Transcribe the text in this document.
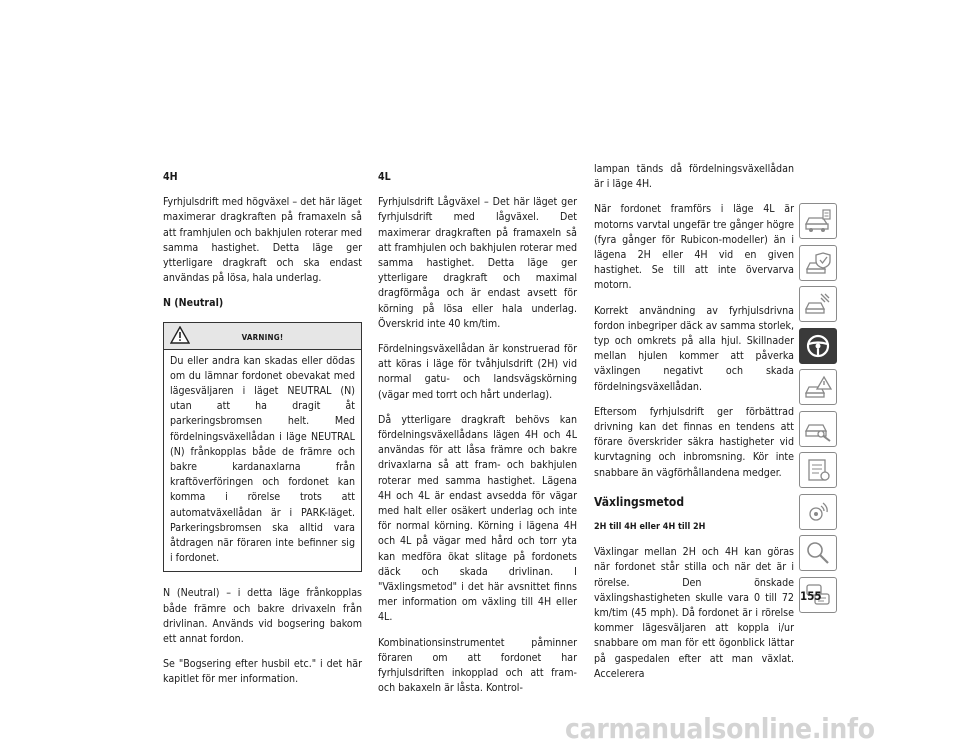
4H

Fyrhjulsdrift med högväxel – det här läget maximerar dragkraften på framaxeln så att framhjulen och bakhjulen roterar med samma hastighet. Detta läge ger ytterligare dragkraft och ska endast användas på lösa, hala underlag.

N (Neutral)
VARNING!
Du eller andra kan skadas eller dödas om du lämnar fordonet obevakat med lägesväljaren i läget NEUTRAL (N) utan att ha dragit åt parkeringsbromsen helt. Med fördelningsväxellådan i läge NEUTRAL (N) frånkopplas både de främre och bakre kardanaxlarna från kraftöverföringen och fordonet kan komma i rörelse trots att automatväxellådan är i PARK-läget. Parkeringsbromsen ska alltid vara åtdragen när föraren inte befinner sig i fordonet.

N (Neutral) – i detta läge frånkopplas både främre och bakre drivaxeln från drivlinan. Används vid bogsering bakom ett annat fordon.

Se "Bogsering efter husbil etc." i det här kapitlet för mer information.

4L

Fyrhjulsdrift Lågväxel – Det här läget ger fyrhjulsdrift med lågväxel. Det maximerar dragkraften på framaxeln så att framhjulen och bakhjulen roterar med samma hastighet. Detta läge ger ytterligare dragkraft och maximal dragförmåga och är endast avsett för körning på lösa eller hala underlag. Överskrid inte 40 km/tim.

Fördelningsväxellådan är konstruerad för att köras i läge för tvåhjulsdrift (2H) vid normal gatu- och landsvägskörning (vägar med torrt och hårt underlag).

Då ytterligare dragkraft behövs kan fördelningsväxellådans lägen 4H och 4L användas för att låsa främre och bakre drivaxlarna så att fram- och bakhjulen roterar med samma hastighet. Lägena 4H och 4L är endast avsedda för vägar med halt eller osäkert underlag och inte för normal körning. Körning i lägena 4H och 4L på vägar med hård och torr yta kan medföra ökat slitage på fordonets däck och skada drivlinan. I "Växlingsmetod" i det här avsnittet finns mer information om växling till 4H eller 4L.

Kombinationsinstrumentet påminner föraren om att fordonet har fyrhjulsdriften inkopplad och att fram- och bakaxeln är låsta. Kontrol-

lampan tänds då fördelningsväxellådan är i läge 4H.

När fordonet framförs i läge 4L är motorns varvtal ungefär tre gånger högre (fyra gånger för Rubicon-modeller) än i lägena 2H eller 4H vid en given hastighet. Se till att inte övervarva motorn.

Korrekt användning av fyrhjulsdrivna fordon inbegriper däck av samma storlek, typ och omkrets på alla hjul. Skillnader mellan hjulen kommer att påverka växlingen negativt och skada fördelningsväxellådan.

Eftersom fyrhjulsdrift ger förbättrad drivning kan det finnas en tendens att förare överskrider säkra hastigheter vid kurvtagning och inbromsning. Kör inte snabbare än vägförhållandena medger.

Växlingsmetod
2H till 4H eller 4H till 2H

Växlingar mellan 2H och 4H kan göras när fordonet står stilla och när det är i rörelse. Den önskade växlingshastigheten skulle vara 0 till 72 km/tim (45 mph). Då fordonet är i rörelse kommer lägesväljaren att koppla i/ur snabbare om man för ett ögonblick lättar på gaspedalen efter att man växlat. Accelerera

155
carmanualsonline.info
